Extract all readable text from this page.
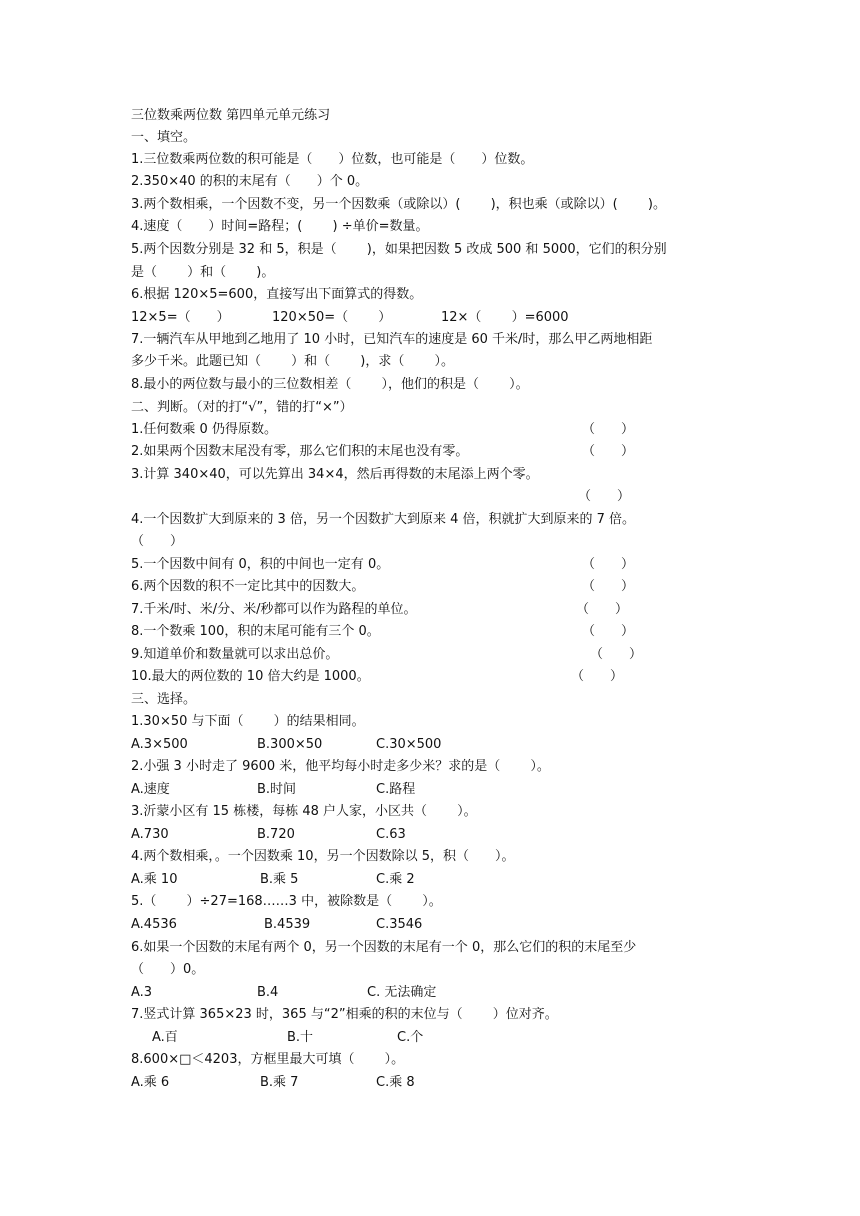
三位数乘两位数 第四单元单元练习
一、填空。
1.三位数乘两位数的积可能是（　　）位数，也可能是（　　）位数。
2.350×40 的积的末尾有（　　）个 0。
3.两个数相乘，一个因数不变，另一个因数乘（或除以）(　　 )，积也乘（或除以）(　　 )。
4.速度（　　）时间=路程；(　　 ) ÷单价=数量。
5.两个因数分别是 32 和 5，积是（　　 )，如果把因数 5 改成 500 和 5000，它们的积分别
是（　　 ）和（　　 )。
6.根据 120×5=600，直接写出下面算式的得数。
12×5=（　　）	120×50=（　　 ）	12×（　　 ）=6000
7.一辆汽车从甲地到乙地用了 10 小时，已知汽车的速度是 60 千米/时，那么甲乙两地相距
多少千米。此题已知（　　 ）和（　　 )，求（　　 ）。
8.最小的两位数与最小的三位数相差（　　 ），他们的积是（　　 ）。
二、判断。（对的打“√”，错的打“×”）
1.任何数乘 0 仍得原数。	（　　）
2.如果两个因数末尾没有零，那么它们积的末尾也没有零。	（　　）
3.计算 340×40，可以先算出 34×4，然后再得数的末尾添上两个零。
（　　）
4.一个因数扩大到原来的 3 倍，另一个因数扩大到原来 4 倍，积就扩大到原来的 7 倍。
（　　）
5.一个因数中间有 0，积的中间也一定有 0。	（　　）
6.两个因数的积不一定比其中的因数大。	（　　）
7.千米/时、米/分、米/秒都可以作为路程的单位。	（　　）
8.一个数乘 100，积的末尾可能有三个 0。	（　　）
9.知道单价和数量就可以求出总价。	（　　）
10.最大的两位数的 10 倍大约是 1000。	（　　）
三、选择。
1.30×50 与下面（　　 ）的结果相同。
A.3×500	B.300×50	C.30×500
2.小强 3 小时走了 9600 米，他平均每小时走多少米？求的是（　　 ）。
A.速度	B.时间	C.路程
3.沂蒙小区有 15 栋楼，每栋 48 户人家，小区共（　　 ）。
A.730	B.720	C.63
4.两个数相乘，。一个因数乘 10，另一个因数除以 5，积（　　）。
A.乘 10	B.乘 5	C.乘 2
5.（　　 ）÷27=168……3 中，被除数是（　　 ）。
A.4536	B.4539	C.3546
6.如果一个因数的末尾有两个 0，另一个因数的末尾有一个 0，那么它们的积的末尾至少
（　　）0。
A.3	B.4	C. 无法确定
7.竖式计算 365×23 时，365 与“2”相乘的积的末位与（　　 ）位对齐。
A.百	B.十	C.个
8.600×□＜4203，方框里最大可填（　　 ）。
A.乘 6	B.乘 7	C.乘 8
